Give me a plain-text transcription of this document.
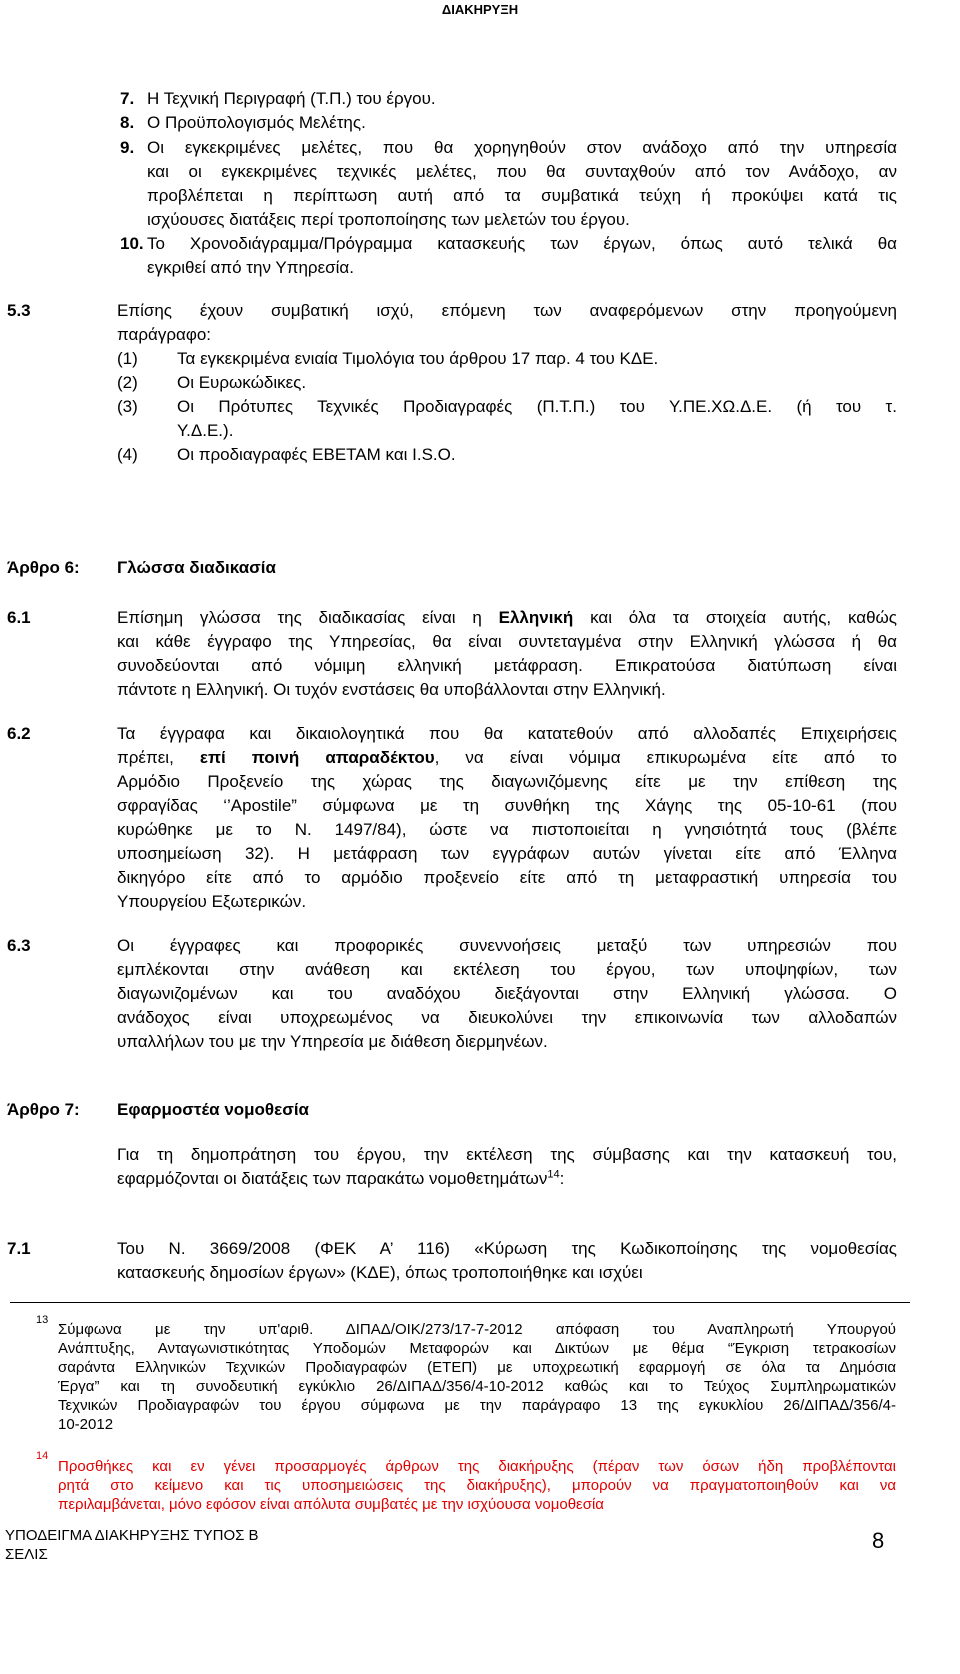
ΔΙΑΚΗΡΥΞΗ
7. Η Τεχνική Περιγραφή (Τ.Π.) του έργου.
8. Ο Προϋπολογισμός Μελέτης.
9. Οι εγκεκριμένες μελέτες, που θα χορηγηθούν στον ανάδοχο από την υπηρεσία
και οι εγκεκριμένες τεχνικές μελέτες, που θα συνταχθούν από τον Ανάδοχο, αν
προβλέπεται η περίπτωση αυτή από τα συμβατικά τεύχη ή προκύψει κατά τις
ισχύουσες διατάξεις περί τροποποίησης των μελετών του έργου.
10. Το Χρονοδιάγραμμα/Πρόγραμμα κατασκευής των έργων, όπως αυτό τελικά θα
εγκριθεί από την Υπηρεσία.
5.3	Επίσης έχουν συμβατική ισχύ, επόμενη των αναφερόμενων στην προηγούμενη
παράγραφο:
(1) Τα εγκεκριμένα ενιαία Τιμολόγια του άρθρου 17 παρ. 4 του ΚΔΕ.
(2) Οι Ευρωκώδικες.
(3) Οι Πρότυπες Τεχνικές Προδιαγραφές (Π.Τ.Π.) του Υ.ΠΕ.ΧΩ.Δ.Ε. (ή του τ.
Υ.Δ.Ε.).
(4) Οι προδιαγραφές ΕΒΕΤΑΜ και I.S.O.
Άρθρο 6: Γλώσσα διαδικασία
6.1	Επίσημη γλώσσα της διαδικασίας είναι η Ελληνική και όλα τα στοιχεία αυτής, καθώς
και κάθε έγγραφο της Υπηρεσίας, θα είναι συντεταγμένα στην Ελληνική γλώσσα ή θα
συνοδεύονται από νόμιμη ελληνική μετάφραση. Επικρατούσα διατύπωση είναι
πάντοτε η Ελληνική. Οι τυχόν ενστάσεις θα υποβάλλονται στην Ελληνική.
6.2	Τα έγγραφα και δικαιολογητικά που θα κατατεθούν από αλλοδαπές Επιχειρήσεις
πρέπει, επί ποινή απαραδέκτου, να είναι νόμιμα επικυρωμένα είτε από το
Αρμόδιο Προξενείο της χώρας της διαγωνιζόμενης είτε με την επίθεση της
σφραγίδας ‘’Apostile” σύμφωνα με τη συνθήκη της Χάγης της 05-10-61 (που
κυρώθηκε με το Ν. 1497/84), ώστε να πιστοποιείται η γνησιότητά τους (βλέπε
υποσημείωση 32). Η μετάφραση των εγγράφων αυτών γίνεται είτε από Έλληνα
δικηγόρο είτε από το αρμόδιο προξενείο είτε από τη μεταφραστική υπηρεσία του
Υπουργείου Εξωτερικών.
6.3	Οι έγγραφες και προφορικές συνεννοήσεις μεταξύ των υπηρεσιών που
εμπλέκονται στην ανάθεση και εκτέλεση του έργου, των υποψηφίων, των
διαγωνιζομένων και του αναδόχου διεξάγονται στην Ελληνική γλώσσα. Ο
ανάδοχος είναι υποχρεωμένος να διευκολύνει την επικοινωνία των αλλοδαπών
υπαλλήλων του με την Υπηρεσία με διάθεση διερμηνέων.
Άρθρο 7: Εφαρμοστέα νομοθεσία
Για τη δημοπράτηση του έργου, την εκτέλεση της σύμβασης και την κατασκευή του,
εφαρμόζονται οι διατάξεις των παρακάτω νομοθετημάτων$^{14}$:
7.1	Του Ν. 3669/2008 (ΦΕΚ Α’ 116) «Κύρωση της Κωδικοποίησης της νομοθεσίας
κατασκευής δημοσίων έργων» (ΚΔΕ), όπως τροποποιήθηκε και ισχύει
13
Σύμφωνα με την υπ'αριθ. ΔΙΠΑΔ/ΟΙΚ/273/17-7-2012 απόφαση του Αναπληρωτή Υπουργού
Ανάπτυξης, Ανταγωνιστικότητας Υποδομών Μεταφορών και Δικτύων με θέμα “Έγκριση τετρακοσίων
σαράντα Ελληνικών Τεχνικών Προδιαγραφών (ΕΤΕΠ) με υποχρεωτική εφαρμογή σε όλα τα Δημόσια
Έργα” και τη συνοδευτική εγκύκλιο 26/ΔΙΠΑΔ/356/4-10-2012 καθώς και το Τεύχος Συμπληρωματικών
Τεχνικών Προδιαγραφών του έργου σύμφωνα με την παράγραφο 13 της εγκυκλίου 26/ΔΙΠΑΔ/356/4-
10-2012
14
Προσθήκες και εν γένει προσαρμογές άρθρων της διακήρυξης (πέραν των όσων ήδη προβλέπονται
ρητά στο κείμενο και τις υποσημειώσεις της διακήρυξης), μπορούν να πραγματοποιηθούν και να
περιλαμβάνεται, μόνο εφόσον είναι απόλυτα συμβατές με την ισχύουσα νομοθεσία
ΥΠΟΔΕΙΓΜΑ ΔΙΑΚΗΡΥΞΗΣ ΤΥΠΟΣ Β
ΣΕΛΙΣ
8
